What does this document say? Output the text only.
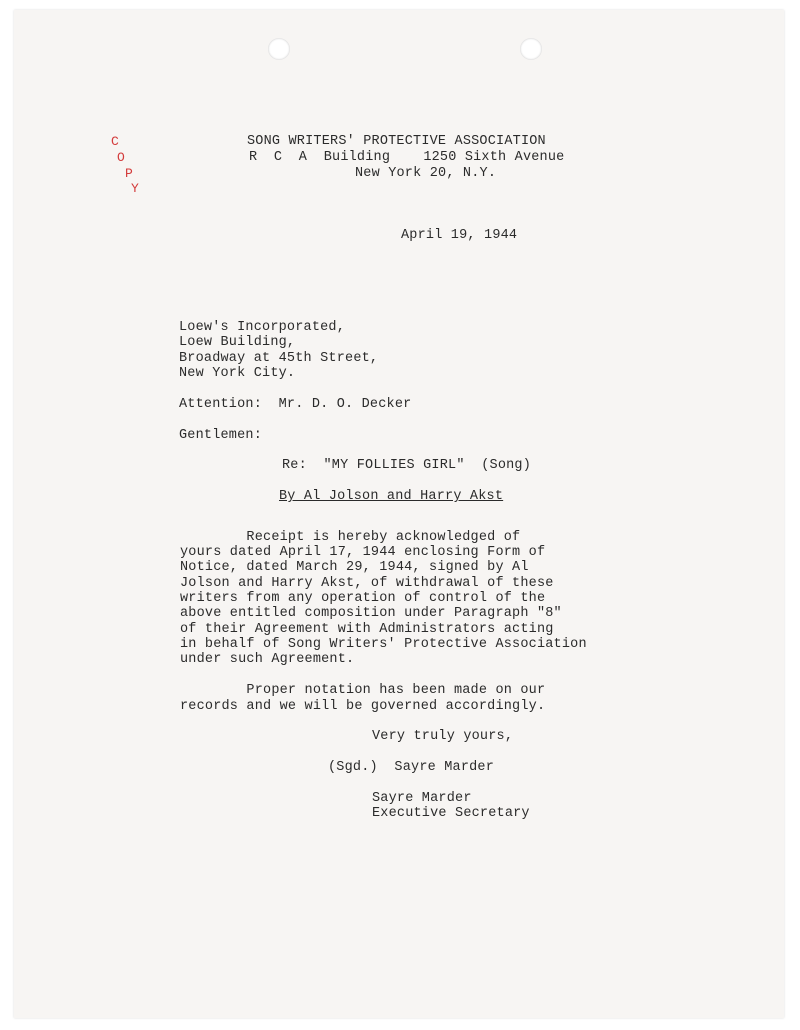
C
O
P
Y
SONG WRITERS' PROTECTIVE ASSOCIATION
R  C  A  Building    1250 Sixth Avenue
New York 20, N.Y.
April 19, 1944
Loew's Incorporated,
Loew Building,
Broadway at 45th Street,
New York City.
Attention:  Mr. D. O. Decker
Gentlemen:
Re:  "MY FOLLIES GIRL"  (Song)
By Al Jolson and Harry Akst
Receipt is hereby acknowledged of
yours dated April 17, 1944 enclosing Form of
Notice, dated March 29, 1944, signed by Al
Jolson and Harry Akst, of withdrawal of these
writers from any operation of control of the
above entitled composition under Paragraph "8"
of their Agreement with Administrators acting
in behalf of Song Writers' Protective Association
under such Agreement.
Proper notation has been made on our
records and we will be governed accordingly.
Very truly yours,
(Sgd.)  Sayre Marder
Sayre Marder
Executive Secretary
